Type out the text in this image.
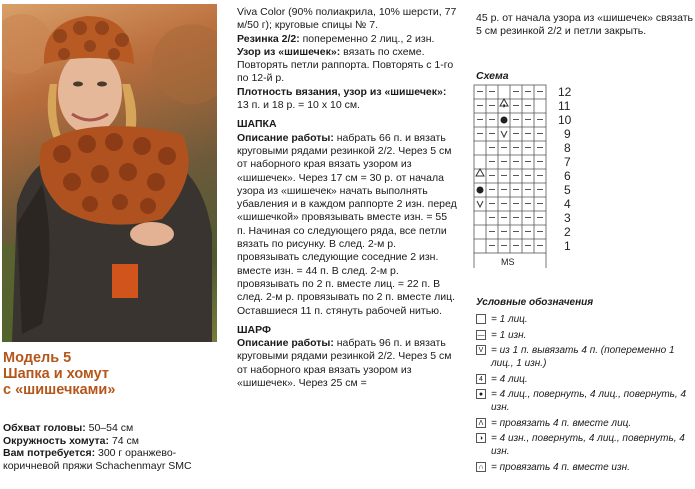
Модель 5
Шапка и хомут
с «шишечками»
Обхват головы: 50–54 см
Окружность хомута: 74 см
Вам потребуется: 300 г оранжево-коричневой пряжи Schachenmayr SMC

Viva Color (90% полиакрила, 10% шерсти, 77 м/50 г); круговые спицы № 7.

Резинка 2/2: попеременно 2 лиц., 2 изн.

Узор из «шишечек»: вязать по схеме. Повторять петли раппорта. Повторять с 1-го по 12-й р.

Плотность вязания, узор из «шишечек»: 13 п. и 18 р. = 10 х 10 см.

ШАПКА

Описание работы: набрать 66 п. и вязать круговыми рядами резинкой 2/2. Через 5 см от наборного края вязать узором из «шишечек». Через 17 см = 30 р. от начала узора из «шишечек» начать выполнять убавления и в каждом раппорте 2 изн. перед «шишечкой» провязывать вместе изн. = 55 п. Начиная со следующего ряда, все петли вязать по рисунку. В след. 2-м р. провязывать следующие соседние 2 изн. вместе изн. = 44 п. В след. 2-м р. провязывать по 2 п. вместе лиц. = 22 п. В след. 2-м р. провязывать по 2 п. вместе лиц. Оставшиеся 11 п. стянуть рабочей нитью.

ШАРФ

Описание работы: набрать 96 п. и вязать круговыми рядами резинкой 2/2. Через 5 см от наборного края вязать узором из «шишечек». Через 25 см =

45 р. от начала узора из «шишечек» связать 5 см резинкой 2/2 и петли закрыть.

Схема
◑
4
4
12
11
10
9
8
7
6
5
4
3
2
1
MS
Условные обозначения
= 1 лиц.
— = 1 изн.
V = из 1 п. вывязать 4 п. (попеременно 1 лиц., 1 изн.)
4 = 4 лиц.
● = 4 лиц., повернуть, 4 лиц., повернуть, 4 изн.
Λ = провязать 4 п. вместе лиц.
◑ = 4 изн., повернуть, 4 лиц., повернуть, 4 изн.
∩ = провязать 4 п. вместе изн.
